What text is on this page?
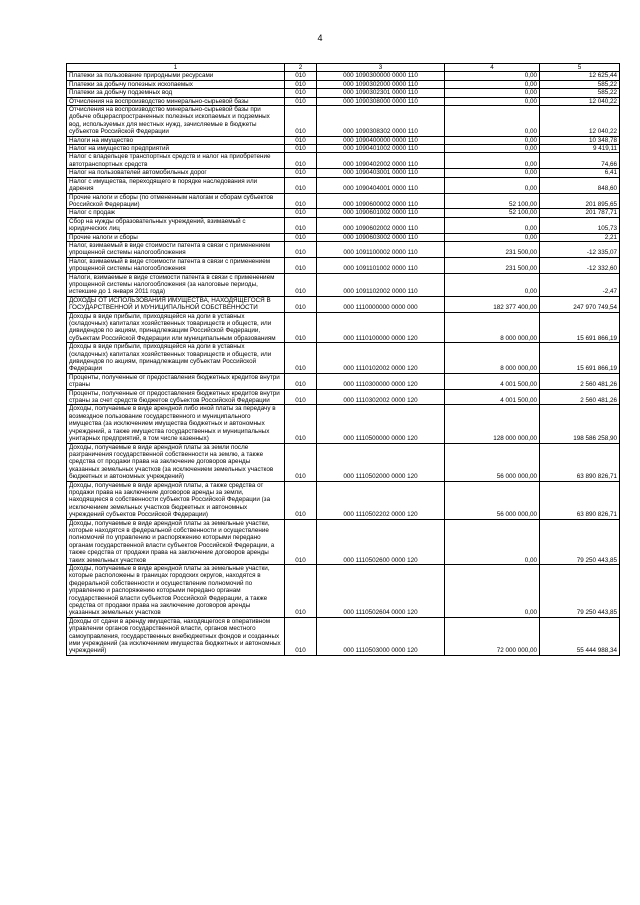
4
1	2	3	4	5
Платежи за пользование природными ресурсами	010	000 1090300000 0000 110	0,00	12 625,44
Платежи за добычу полезных ископаемых	010	000 1090302000 0000 110	0,00	585,22
Платежи за добычу подземных вод	010	000 1090302301 0000 110	0,00	585,22
Отчисления на воспроизводство минерально-сырьевой базы	010	000 1090308000 0000 110	0,00	12 040,22
Отчисления на воспроизводство минерально-сырьевой базы при добыче общераспространенных полезных ископаемых и подземных вод, используемых для местных нужд, зачисляемые в бюджеты субъектов Российской Федерации	010	000 1090308302 0000 110	0,00	12 040,22
Налоги на имущество	010	000 1090400000 0000 110	0,00	10 348,78
Налог на имущество предприятий	010	000 1090401002 0000 110	0,00	9 419,11
Налог с владельцев транспортных средств и налог на приобретение автотранспортных средств	010	000 1090402002 0000 110	0,00	74,66
Налог на пользователей автомобильных дорог	010	000 1090403001 0000 110	0,00	6,41
Налог с имущества, переходящего в порядке наследования или дарения	010	000 1090404001 0000 110	0,00	848,60
Прочие налоги и сборы (по отмененным налогам и сборам субъектов Российской Федерации)	010	000 1090600002 0000 110	52 100,00	201 895,65
Налог с продаж	010	000 1090601002 0000 110	52 100,00	201 787,71
Сбор на нужды образовательных учреждений, взимаемый с юридических лиц	010	000 1090602002 0000 110	0,00	105,73
Прочие налоги и сборы	010	000 1090603002 0000 110	0,00	2,21
Налог, взимаемый в виде стоимости патента в связи с применением упрощенной системы налогообложения	010	000 1091100002 0000 110	231 500,00	-12 335,07
Налог, взимаемый в виде стоимости патента в связи с применением упрощенной системы налогообложения	010	000 1091101002 0000 110	231 500,00	-12 332,60
Налоги, взимаемые в виде стоимости патента в связи с применением упрощенной системы налогообложения (за налоговые периоды, истекшие до 1 января 2011 года)	010	000 1091102002 0000 110	0,00	-2,47
ДОХОДЫ ОТ ИСПОЛЬЗОВАНИЯ ИМУЩЕСТВА, НАХОДЯЩЕГОСЯ В ГОСУДАРСТВЕННОЙ И МУНИЦИПАЛЬНОЙ СОБСТВЕННОСТИ	010	000 1110000000 0000 000	182 377 400,00	247 970 749,54
Доходы в виде прибыли, приходящейся на доли в уставных (складочных) капиталах хозяйственных товариществ и обществ, или дивидендов по акциям, принадлежащим Российской Федерации, субъектам Российской Федерации или муниципальным образованиям	010	000 1110100000 0000 120	8 000 000,00	15 691 866,19
Доходы в виде прибыли, приходящейся на доли в уставных (складочных) капиталах хозяйственных товариществ и обществ, или дивидендов по акциям, принадлежащим субъектам Российской Федерации	010	000 1110102002 0000 120	8 000 000,00	15 691 866,19
Проценты, полученные от предоставления бюджетных кредитов внутри страны	010	000 1110300000 0000 120	4 001 500,00	2 560 481,26
Проценты, полученные от предоставления бюджетных кредитов внутри страны за счет средств бюджетов субъектов Российской Федерации	010	000 1110302002 0000 120	4 001 500,00	2 560 481,26
Доходы, получаемые в виде арендной либо иной платы за передачу в возмездное пользование государственного и муниципального имущества (за исключением имущества бюджетных и автономных учреждений, а также имущества государственных и муниципальных унитарных предприятий, в том числе казенных)	010	000 1110500000 0000 120	128 000 000,00	198 586 258,90
Доходы, получаемые в виде арендной платы за земли после разграничения государственной собственности на землю, а также средства от продажи права на заключение договоров аренды указанных земельных участков (за исключением земельных участков бюджетных и автономных учреждений)	010	000 1110502000 0000 120	56 000 000,00	63 890 826,71
Доходы, получаемые в виде арендной платы, а также средства от продажи права на заключение договоров аренды за земли, находящиеся в собственности субъектов Российской Федерации (за исключением земельных участков бюджетных и автономных учреждений субъектов Российской Федерации)	010	000 1110502202 0000 120	56 000 000,00	63 890 826,71
Доходы, получаемые в виде арендной платы за земельные участки, которые находятся в федеральной собственности и осуществление полномочий по управлению и распоряжению которыми передано органам государственной власти субъектов Российской Федерации, а также средства от продажи права на заключение договоров аренды таких земельных участков	010	000 1110502600 0000 120	0,00	79 250 443,85
Доходы, получаемые в виде арендной платы за земельные участки, которые расположены в границах городских округов, находятся в федеральной собственности и осуществление полномочий по управлению и распоряжению которыми передано органам государственной власти субъектов Российской Федерации, а также средства от продажи права на заключение договоров аренды указанных земельных участков	010	000 1110502604 0000 120	0,00	79 250 443,85
Доходы от сдачи в аренду имущества, находящегося в оперативном управлении органов государственной власти, органов местного самоуправления, государственных внебюджетных фондов и созданных ими учреждений (за исключением имущества бюджетных и автономных учреждений)	010	000 1110503000 0000 120	72 000 000,00	55 444 988,34
